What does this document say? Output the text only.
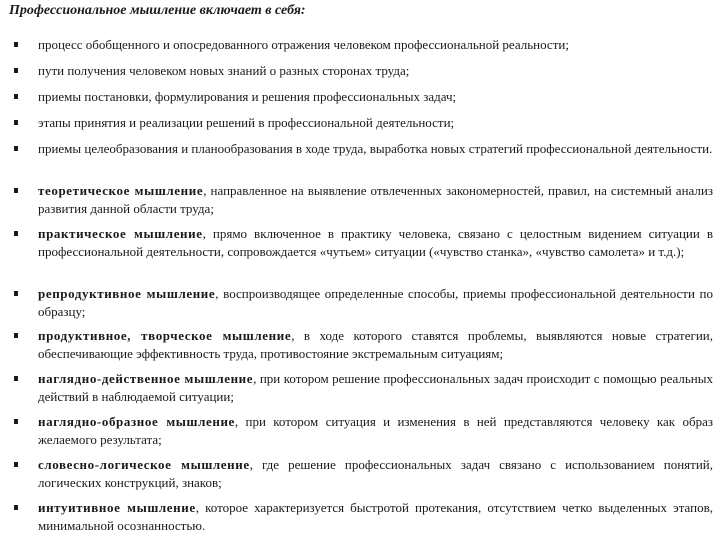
Профессиональное мышление включает в себя:
процесс обобщенного и опосредованного отражения человеком профессиональной реальности;
пути получения человеком новых знаний о разных сторонах труда;
приемы постановки, формулирования и решения профессиональных задач;
этапы принятия и реализации решений в профессиональной деятельности;
приемы целеобразования и планообразования в ходе труда, выработка новых стратегий профессиональной деятельности.
теоретическое мышление, направленное на выявление отвлеченных закономерностей, правил, на системный анализ развития данной области труда;
практическое мышление, прямо включенное в практику человека, связано с целостным видением ситуации в профессиональной деятельности, сопровождается «чутьем» ситуации («чувство станка», «чувство самолета» и т.д.);
репродуктивное мышление, воспроизводящее определенные способы, приемы профессиональной деятельности по образцу;
продуктивное, творческое мышление, в ходе которого ставятся проблемы, выявляются новые стратегии, обеспечивающие эффективность труда, противостояние экстремальным ситуациям;
наглядно-действенное мышление, при котором решение профессиональных задач происходит с помощью реальных действий в наблюдаемой ситуации;
наглядно-образное мышление, при котором ситуация и изменения в ней представляются человеку как образ желаемого результата;
словесно-логическое мышление, где решение профессиональных задач связано с использованием понятий, логических конструкций, знаков;
интуитивное мышление, которое характеризуется быстротой протекания, отсутствием четко выделенных этапов, минимальной осознанностью.
